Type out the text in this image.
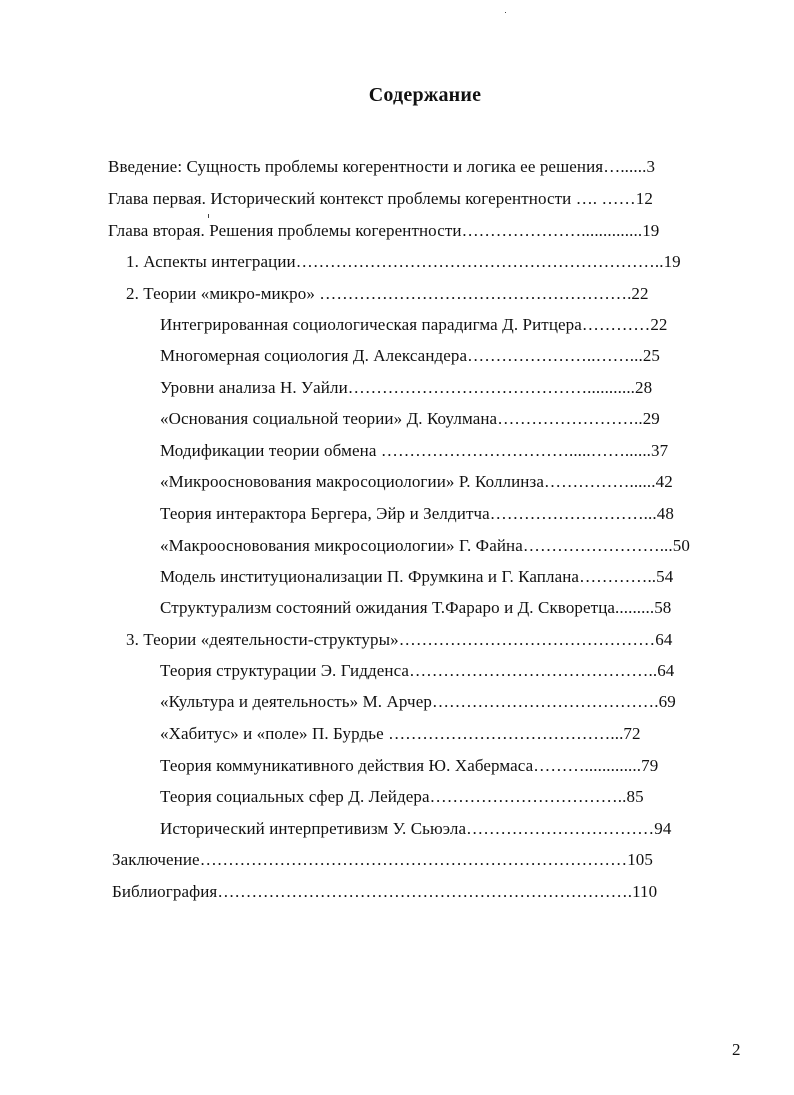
Содержание
Введение: Сущность проблемы когерентности и логика ее решения…......3
Глава первая. Исторический контекст проблемы когерентности …. ……12
Глава вторая. Решения проблемы когерентности…………………..............19
1. Аспекты интеграции………………………………………………………..19
2. Теории «микро-микро» ……………………………………………….22
Интегрированная социологическая парадигма Д. Ритцера…………22
Многомерная социология Д. Александера…………………..……...25
Уровни анализа Н. Уайли……………………………………...........28
«Основания социальной теории» Д. Коулмана……………………..29
Модификации теории обмена …………………………….....……......37
«Микроосновования макросоциологии» Р. Коллинзa……………......42
Теория интерактора Бергера, Эйр и Зелдитча………………………...48
«Макроосновования микросоциологии» Г. Файна……………………...50
Модель институционализации П. Фрумкина и Г. Каплана…………..54
Структурализм состояний ожидания Т.Фараро и Д. Скворетца.........58
3. Теории «деятельности-структуры»………………………………………64
Теория структурации Э. Гидденса……………………………………..64
«Культура и деятельность» М. Арчер………………………………….69
«Хабитус» и «поле» П. Бурдье …………………………………...72
Теория коммуникативного действия Ю. Хабермаса……….............79
Теория социальных сфер Д. Лейдера……………………………..85
Исторический интерпретивизм У. Сьюэла……………………………94
Заключение…………………………………………………………………105
Библиография……………………………………………………………….110
2
